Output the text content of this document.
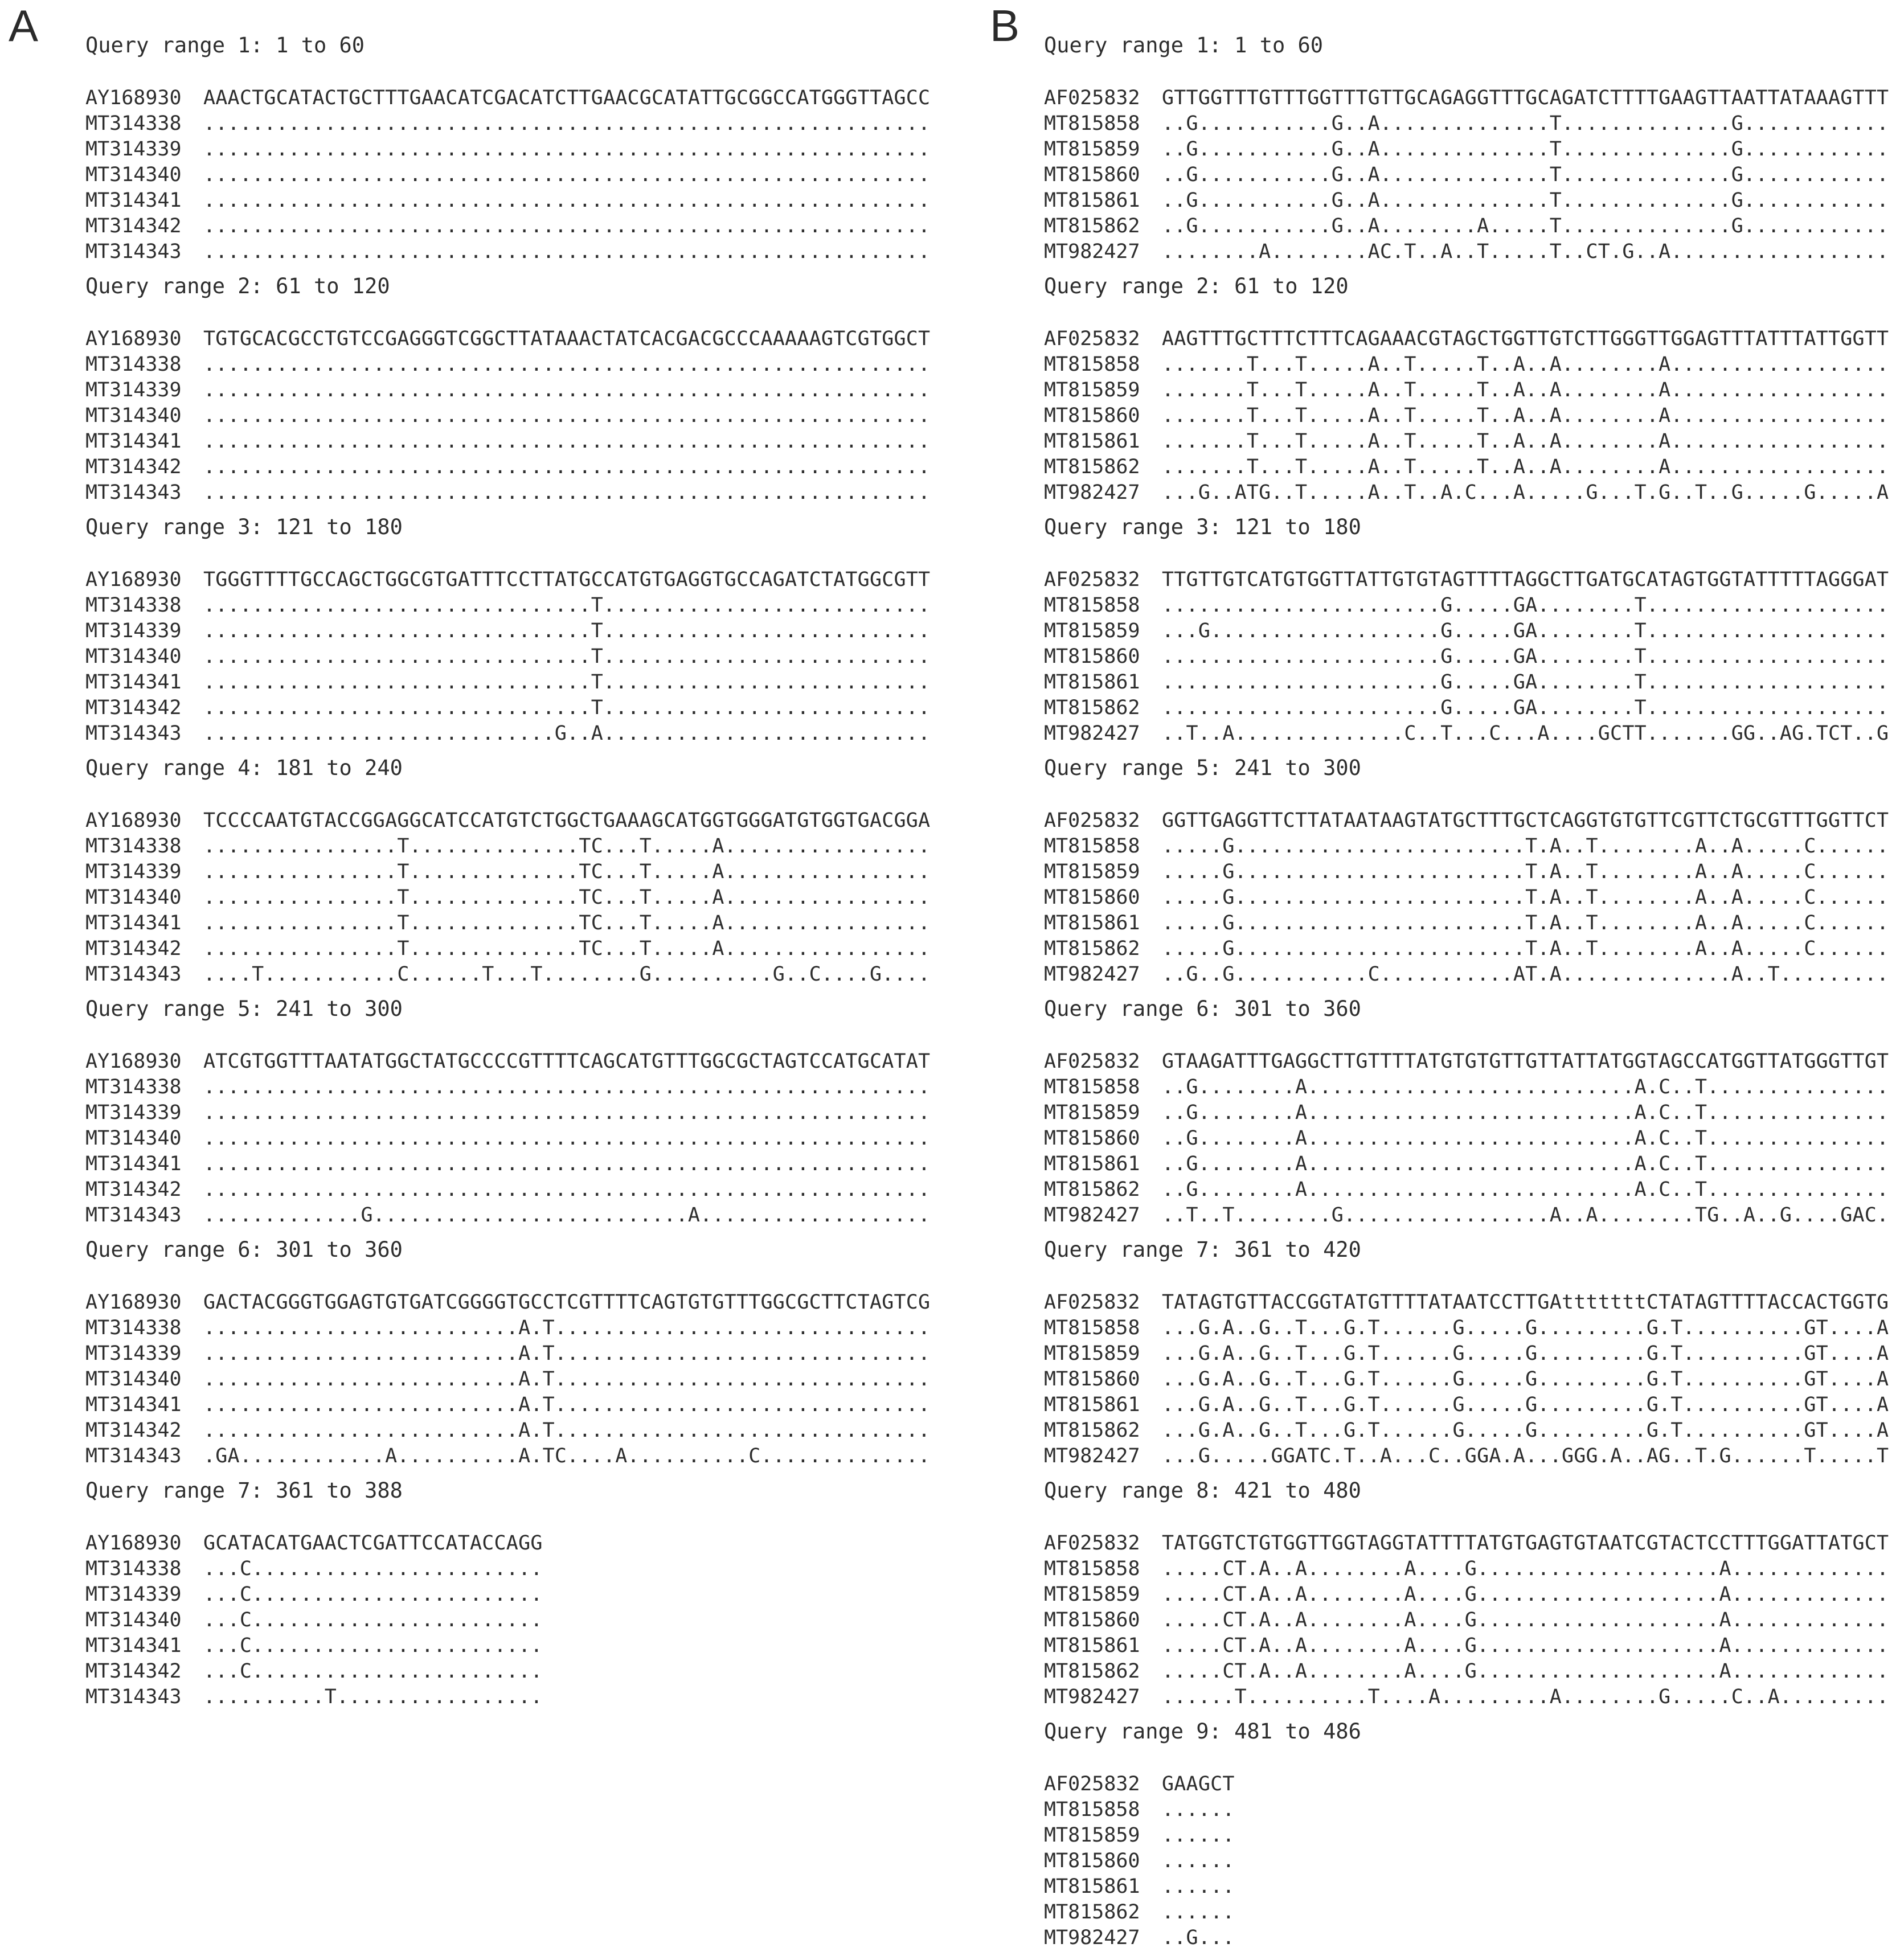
A Query range 1: 1 to 60
AY168930	AAACTGCATACTGCTTTGAACATCGACATCTTGAACGCATATTGCGGCCATGGGTTAGCC
MT314338	............................................................
MT314339	............................................................
MT314340	............................................................
MT314341	............................................................
MT314342	............................................................
MT314343	............................................................
Query range 2: 61 to 120
AY168930	TGTGCACGCCTGTCCGAGGGTCGGCTTATAAACTATCACGACGCCCAAAAAGTCGTGGCT
MT314338	............................................................
MT314339	............................................................
MT314340	............................................................
MT314341	............................................................
MT314342	............................................................
MT314343	............................................................
Query range 3: 121 to 180
AY168930	TGGGTTTTGCCAGCTGGCGTGATTTCCTTATGCCATGTGAGGTGCCAGATCTATGGCGTT
MT314338	................................T...........................
MT314339	................................T...........................
MT314340	................................T...........................
MT314341	................................T...........................
MT314342	................................T...........................
MT314343	.............................G..A...........................
Query range 4: 181 to 240
AY168930	TCCCCAATGTACCGGAGGCATCCATGTCTGGCTGAAAGCATGGTGGGATGTGGTGACGGA
MT314338	................T..............TC...T.....A.................
MT314339	................T..............TC...T.....A.................
MT314340	................T..............TC...T.....A.................
MT314341	................T..............TC...T.....A.................
MT314342	................T..............TC...T.....A.................
MT314343	....T...........C......T...T........G..........G..C....G....
Query range 5: 241 to 300
AY168930	ATCGTGGTTTAATATGGCTATGCCCCGTTTTCAGCATGTTTGGCGCTAGTCCATGCATAT
MT314338	............................................................
MT314339	............................................................
MT314340	............................................................
MT314341	............................................................
MT314342	............................................................
MT314343	.............G..........................A...................
Query range 6: 301 to 360
AY168930	GACTACGGGTGGAGTGTGATCGGGGTGCCTCGTTTTCAGTGTGTTTGGCGCTTCTAGTCG
MT314338	..........................A.T...............................
MT314339	..........................A.T...............................
MT314340	..........................A.T...............................
MT314341	..........................A.T...............................
MT314342	..........................A.T...............................
MT314343	.GA............A..........A.TC....A..........C..............
Query range 7: 361 to 388
AY168930	GCATACATGAACTCGATTCCATACCAGG
MT314338	...C........................
MT314339	...C........................
MT314340	...C........................
MT314341	...C........................
MT314342	...C........................
MT314343	..........T.................
B Query range 1: 1 to 60
AF025832	GTTGGTTTGTTTGGTTTGTTGCAGAGGTTTGCAGATCTTTTGAAGTTAATTATAAAGTTT
MT815858	..G...........G..A..............T..............G............
MT815859	..G...........G..A..............T..............G............
MT815860	..G...........G..A..............T..............G............
MT815861	..G...........G..A..............T..............G............
MT815862	..G...........G..A........A.....T..............G............
MT982427	........A........AC.T..A..T.....T..CT.G..A..................
Query range 2: 61 to 120
AF025832	AAGTTTGCTTTCTTTCAGAAACGTAGCTGGTTGTCTTGGGTTGGAGTTTATTTATTGGTT
MT815858	.......T...T.....A..T.....T..A..A........A..................
MT815859	.......T...T.....A..T.....T..A..A........A..................
MT815860	.......T...T.....A..T.....T..A..A........A..................
MT815861	.......T...T.....A..T.....T..A..A........A..................
MT815862	.......T...T.....A..T.....T..A..A........A..................
MT982427	...G..ATG..T.....A..T..A.C...A.....G...T.G..T..G.....G.....A
Query range 3: 121 to 180
AF025832	TTGTTGTCATGTGGTTATTGTGTAGTTTTAGGCTTGATGCATAGTGGTATTTTTAGGGAT
MT815858	.......................G.....GA........T....................
MT815859	...G...................G.....GA........T....................
MT815860	.......................G.....GA........T....................
MT815861	.......................G.....GA........T....................
MT815862	.......................G.....GA........T....................
MT982427	..T..A..............C..T...C...A....GCTT.......GG..AG.TCT..G
Query range 5: 241 to 300
AF025832	GGTTGAGGTTCTTATAATAAGTATGCTTTGCTCAGGTGTGTTCGTTCTGCGTTTGGTTCT
MT815858	.....G........................T.A..T........A..A.....C......
MT815859	.....G........................T.A..T........A..A.....C......
MT815860	.....G........................T.A..T........A..A.....C......
MT815861	.....G........................T.A..T........A..A.....C......
MT815862	.....G........................T.A..T........A..A.....C......
MT982427	..G..G...........C...........AT.A..............A..T.........
Query range 6: 301 to 360
AF025832	GTAAGATTTGAGGCTTGTTTTATGTGTGTTGTTATTATGGTAGCCATGGTTATGGGTTGT
MT815858	..G........A...........................A.C..T...............
MT815859	..G........A...........................A.C..T...............
MT815860	..G........A...........................A.C..T...............
MT815861	..G........A...........................A.C..T...............
MT815862	..G........A...........................A.C..T...............
MT982427	..T..T........G.................A..A........TG..A..G....GAC.
Query range 7: 361 to 420
AF025832	TATAGTGTTACCGGTATGTTTTATAATCCTTGAtttttttCTATAGTTTTACCACTGGTG
MT815858	...G.A..G..T...G.T......G.....G.........G.T..........GT....A
MT815859	...G.A..G..T...G.T......G.....G.........G.T..........GT....A
MT815860	...G.A..G..T...G.T......G.....G.........G.T..........GT....A
MT815861	...G.A..G..T...G.T......G.....G.........G.T..........GT....A
MT815862	...G.A..G..T...G.T......G.....G.........G.T..........GT....A
MT982427	...G.....GGATC.T..A...C..GGA.A...GGG.A..AG..T.G......T.....T
Query range 8: 421 to 480
AF025832	TATGGTCTGTGGTTGGTAGGTATTTTATGTGAGTGTAATCGTACTCCTTTGGATTATGCT
MT815858	.....CT.A..A........A....G....................A.............
MT815859	.....CT.A..A........A....G....................A.............
MT815860	.....CT.A..A........A....G....................A.............
MT815861	.....CT.A..A........A....G....................A.............
MT815862	.....CT.A..A........A....G....................A.............
MT982427	......T..........T....A.........A........G.....C..A.........
Query range 9: 481 to 486
AF025832	GAAGCT
MT815858	......
MT815859	......
MT815860	......
MT815861	......
MT815862	......
MT982427	..G...
